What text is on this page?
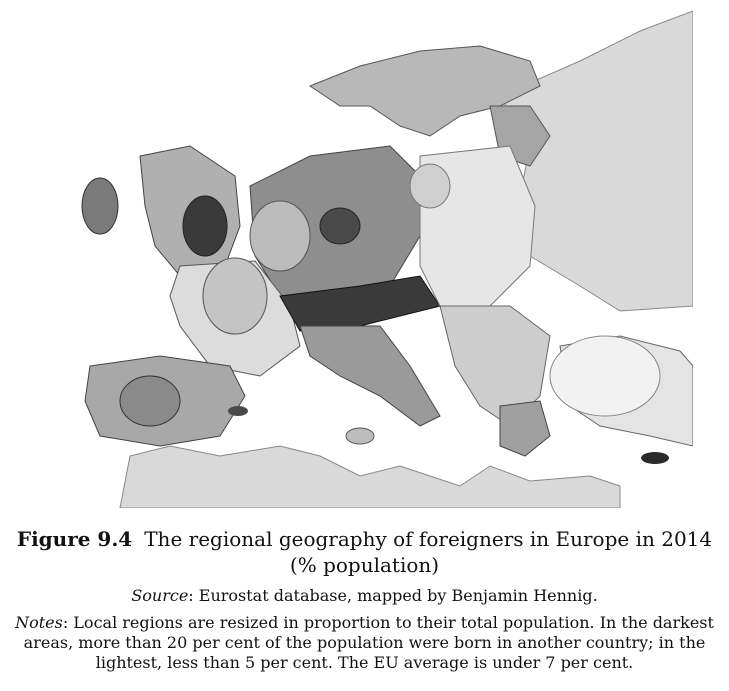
Figure 9.4 The regional geography of foreigners in Europe in 2014
(% population)
Source: Eurostat database, mapped by Benjamin Hennig.
Notes: Local regions are resized in proportion to their total population. In the darkest areas, more than 20 per cent of the population were born in another country; in the lightest, less than 5 per cent. The EU average is under 7 per cent.
